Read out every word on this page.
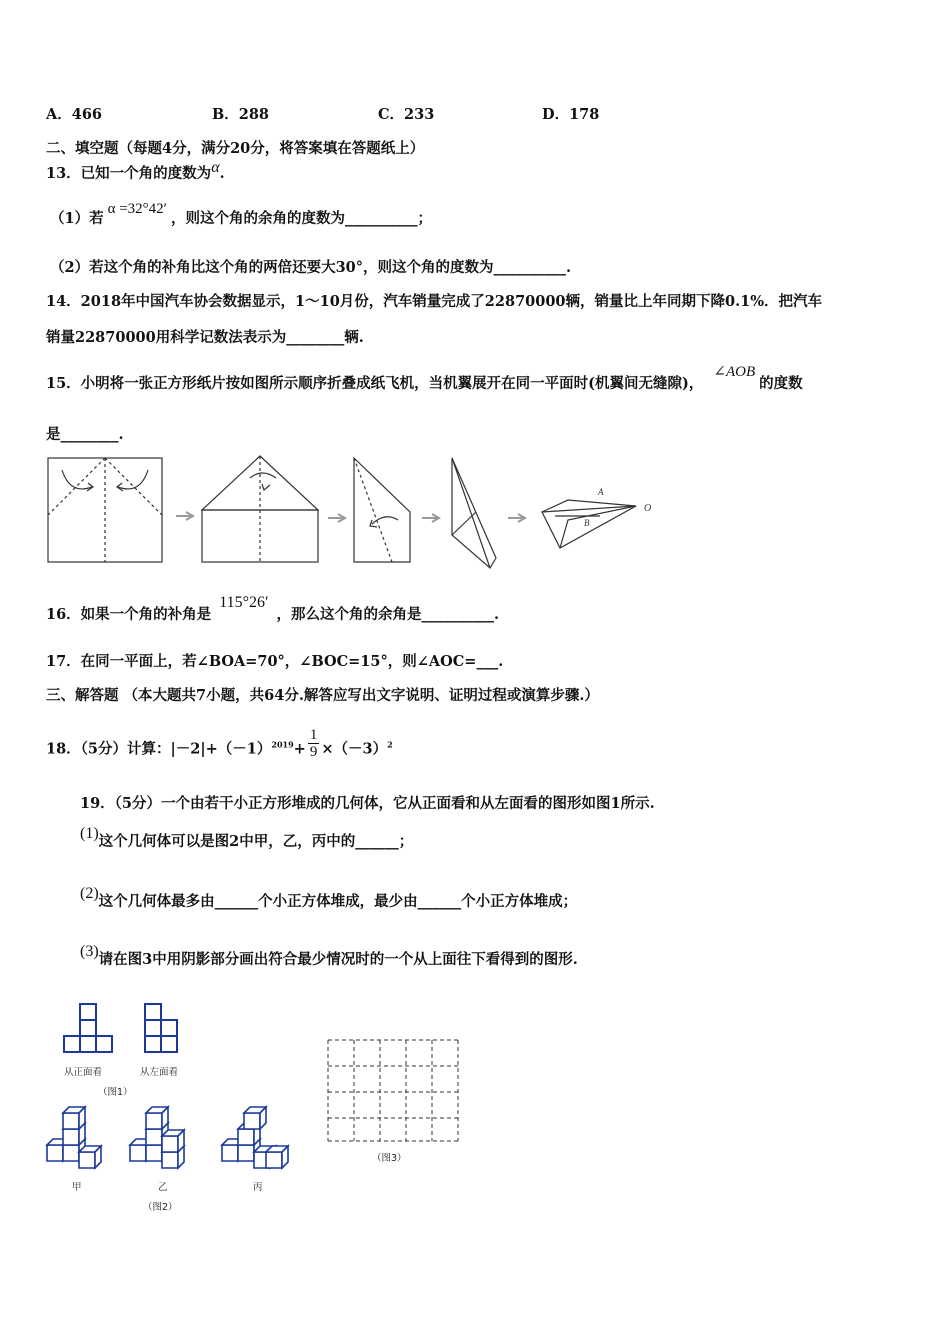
A．466	B．288	C．233	D．178
二、填空题（每题4分，满分20分，将答案填在答题纸上）
13．已知一个角的度数为α.
（1）若α =32°42′，则这个角的余角的度数为__________；
（2）若这个角的补角比这个角的两倍还要大30°，则这个角的度数为__________.
14．2018年中国汽车协会数据显示，1～10月份，汽车销量完成了22870000辆，销量比上年同期下降0.1%．把汽车
销量22870000用科学记数法表示为________辆.
15．小明将一张正方形纸片按如图所示顺序折叠成纸飞机，当机翼展开在同一平面时(机翼间无缝隙)，∠AOB的度数
是________.
A
B
O
16．如果一个角的补角是115°26′，那么这个角的余角是__________.
17．在同一平面上，若∠BOA=70°，∠BOC=15°，则∠AOC=___.
三、解答题 （本大题共7小题，共64分.解答应写出文字说明、证明过程或演算步骤.）
18．（5分）计算：$|-2|+(-1)^{2019}+ \frac{1}{9} \times(-3)^2$
19．（5分）一个由若干小正方形堆成的几何体，它从正面看和从左面看的图形如图1所示.
(1)这个几何体可以是图2中甲，乙，丙中的______；
(2)这个几何体最多由______个小正方体堆成，最少由______个小正方体堆成；
(3)请在图3中用阴影部分画出符合最少情况时的一个从上面往下看得到的图形.
从正面看	从左面看
（图1）
甲	乙	丙
（图2）
（图3）
